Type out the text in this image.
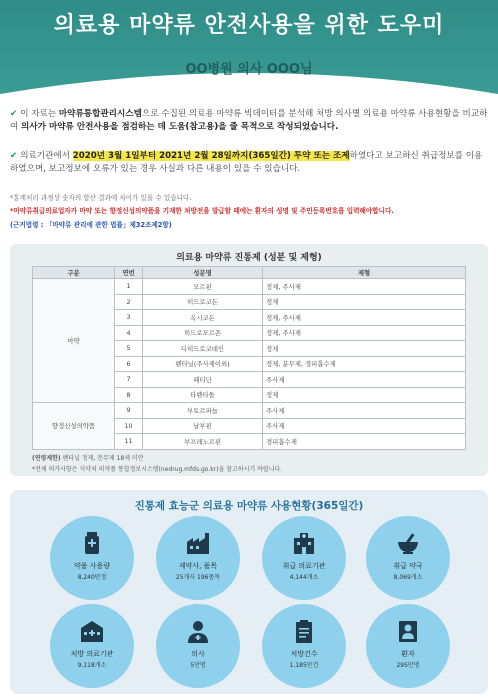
의료용 마약류 안전사용을 위한 도우미
OO병원 의사 OOO님
✔ 이 자료는 마약류통합관리시스템으로 수집된 의료용 마약류 빅데이터를 분석해 처방 의사별 의료용 마약류 사용현황을 비교하여 의사가 마약류 안전사용을 점검하는 데 도움(참고용)을 줄 목적으로 작성되었습니다.
✔ 의료기관에서 2020년 3월 1일부터 2021년 2월 28일까지(365일간) 투약 또는 조제하였다고 보고하신 취급정보를 이용하였으며, 보고정보에 오류가 있는 경우 사실과 다른 내용이 있을 수 있습니다.
*통계처리 과정상 숫자의 합산 결과에 차이가 있을 수 있습니다.
*마약류취급의료업자가 마약 또는 향정신성의약품을 기재한 처방전을 발급할 때에는 환자의 성명 및 주민등록번호를 입력해야합니다.
(근거법령 : 「마약류 관리에 관한 법률」제32조제2항)
의료용 마약류 진통제 (성분 및 제형)
구분	연번	성분명	제형
마약	1	모르핀	정제, 주사제
	2	히드로코돈	정제
	3	옥시코돈	정제, 주사제
	4	히드로모르폰	정제, 주사제
	5	디히드로코데인	정제
	6	펜타닐(주사제이외)	정제, 분무제, 경피흡수제
	7	페티딘	주사제
	8	타펜타돌	정제
향정신성의약품	9	부토르파놀	주사제
	10	날부핀	주사제
	11	부프레노르핀	경피흡수제
(연령제한) 펜타닐 정제, 분무제 18세 미만
*전체 허가사항은 식약처 의약품 통합정보시스템(nedrug.mfds.go.kr)을 참고하시기 바랍니다.
진통제 효능군 의료용 마약류 사용현황(365일간)
약품 사용량
8,240만정
제약사, 품목
25개사 196품목
취급 의료기관
4,144개소
취급 약국
8,069개소
처방 의료기관
9,118개소
의사
5만명
처방건수
1,185만건
환자
295만명
